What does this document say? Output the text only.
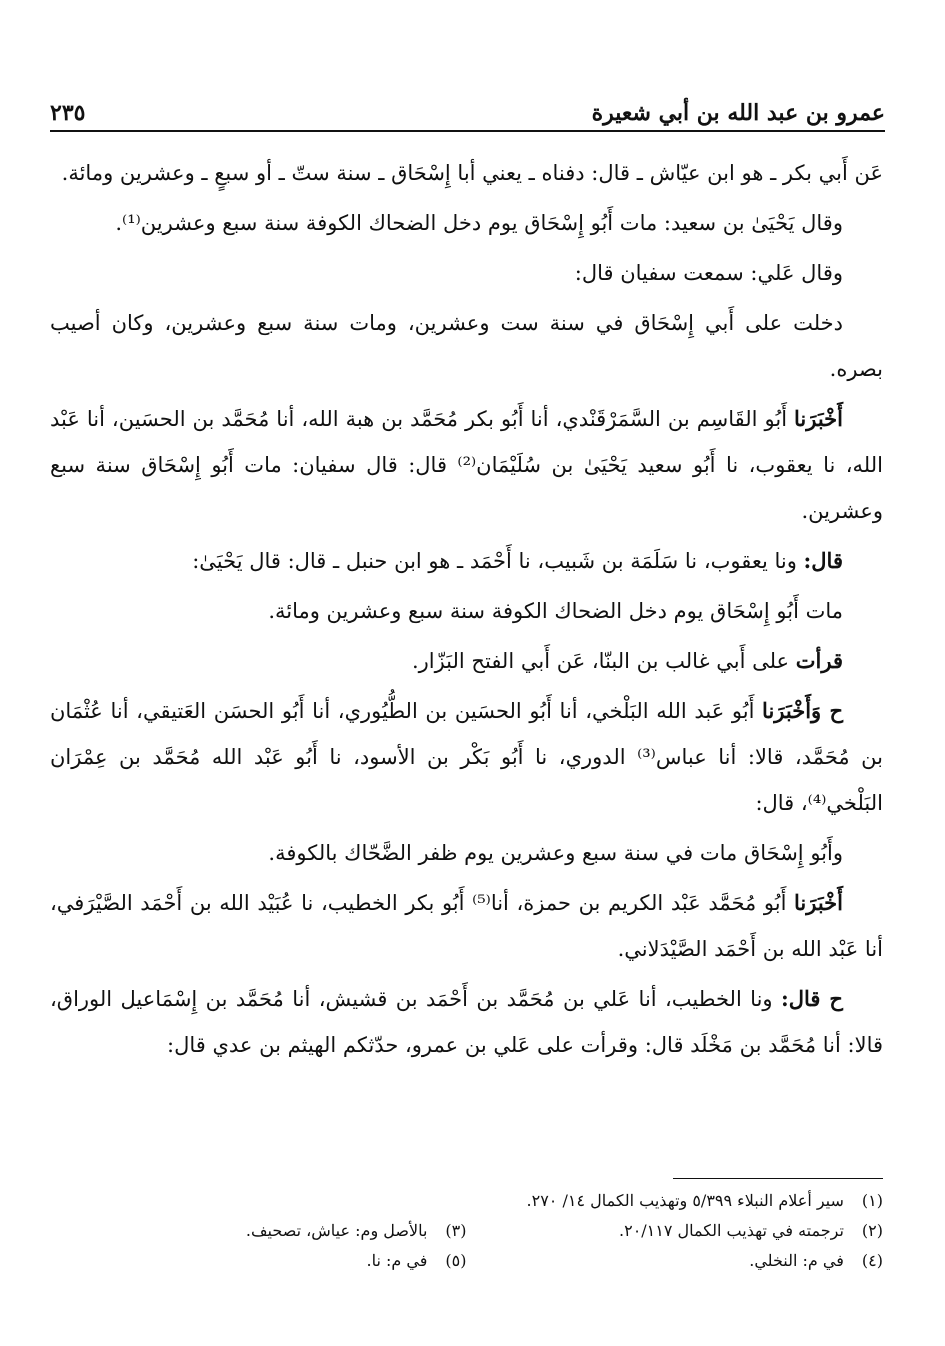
عمرو بن عبد الله بن أبي شعيرة
٢٣٥

عَن أَبي بكر ـ هو ابن عيّاش ـ قال: دفناه ـ يعني أبا إِسْحَاق ـ سنة ستّ ـ أو سبعٍ ـ وعشرين ومائة.

وقال يَحْيَىٰ بن سعيد: مات أَبُو إِسْحَاق يوم دخل الضحاك الكوفة سنة سبع وعشرين⁽¹⁾.

وقال عَلي: سمعت سفيان قال:

دخلت على أَبي إِسْحَاق في سنة ست وعشرين، ومات سنة سبع وعشرين، وكان أصيب بصره.

أَخْبَرَنا أَبُو القَاسِم بن السَّمَرْقَنْدي، أنا أَبُو بكر مُحَمَّد بن هبة الله، أنا مُحَمَّد بن الحسَين، أنا عَبْد الله، نا يعقوب، نا أَبُو سعيد يَحْيَىٰ بن سُلَيْمَان⁽²⁾ قال: قال سفيان: مات أَبُو إِسْحَاق سنة سبع وعشرين.

قال: ونا يعقوب، نا سَلَمَة بن شَبيب، نا أَحْمَد ـ هو ابن حنبل ـ قال: قال يَحْيَىٰ:

مات أَبُو إِسْحَاق يوم دخل الضحاك الكوفة سنة سبع وعشرين ومائة.

قرأت على أَبي غالب بن البنّا، عَن أَبي الفتح البَزّار.

ح وَأَخْبَرَنا أَبُو عَبد الله البَلْخي، أنا أَبُو الحسَين بن الطُّيُوري، أنا أَبُو الحسَن العَتيقي، أنا عُثْمَان بن مُحَمَّد، قالا: أنا عباس⁽³⁾ الدوري، نا أَبُو بَكْر بن الأسود، نا أَبُو عَبْد الله مُحَمَّد بن عِمْرَان البَلْخي⁽⁴⁾، قال:

وأَبُو إِسْحَاق مات في سنة سبع وعشرين يوم ظفر الضَّحّاك بالكوفة.

أَخْبَرَنا أَبُو مُحَمَّد عَبْد الكريم بن حمزة، أنا⁽⁵⁾ أَبُو بكر الخطيب، نا عُبَيْد الله بن أَحْمَد الصَّيْرَفي، أنا عَبْد الله بن أَحْمَد الصَّيْدَلاني.

ح قال: ونا الخطيب، أنا عَلي بن مُحَمَّد بن أَحْمَد بن قشيش، أنا مُحَمَّد بن إِسْمَاعيل الوراق، قالا: أنا مُحَمَّد بن مَخْلَد قال: وقرأت على عَلي بن عمرو، حدّثكم الهيثم بن عدي قال:

(١) سير أعلام النبلاء ٥/٣٩٩ وتهذيب الكمال ١٤/ ٢٧٠.
(٢) ترجمته في تهذيب الكمال ٢٠/١١٧.
(٣) بالأصل وم: عياش، تصحيف.
(٤) في م: النخلي.
(٥) في م: نا.
